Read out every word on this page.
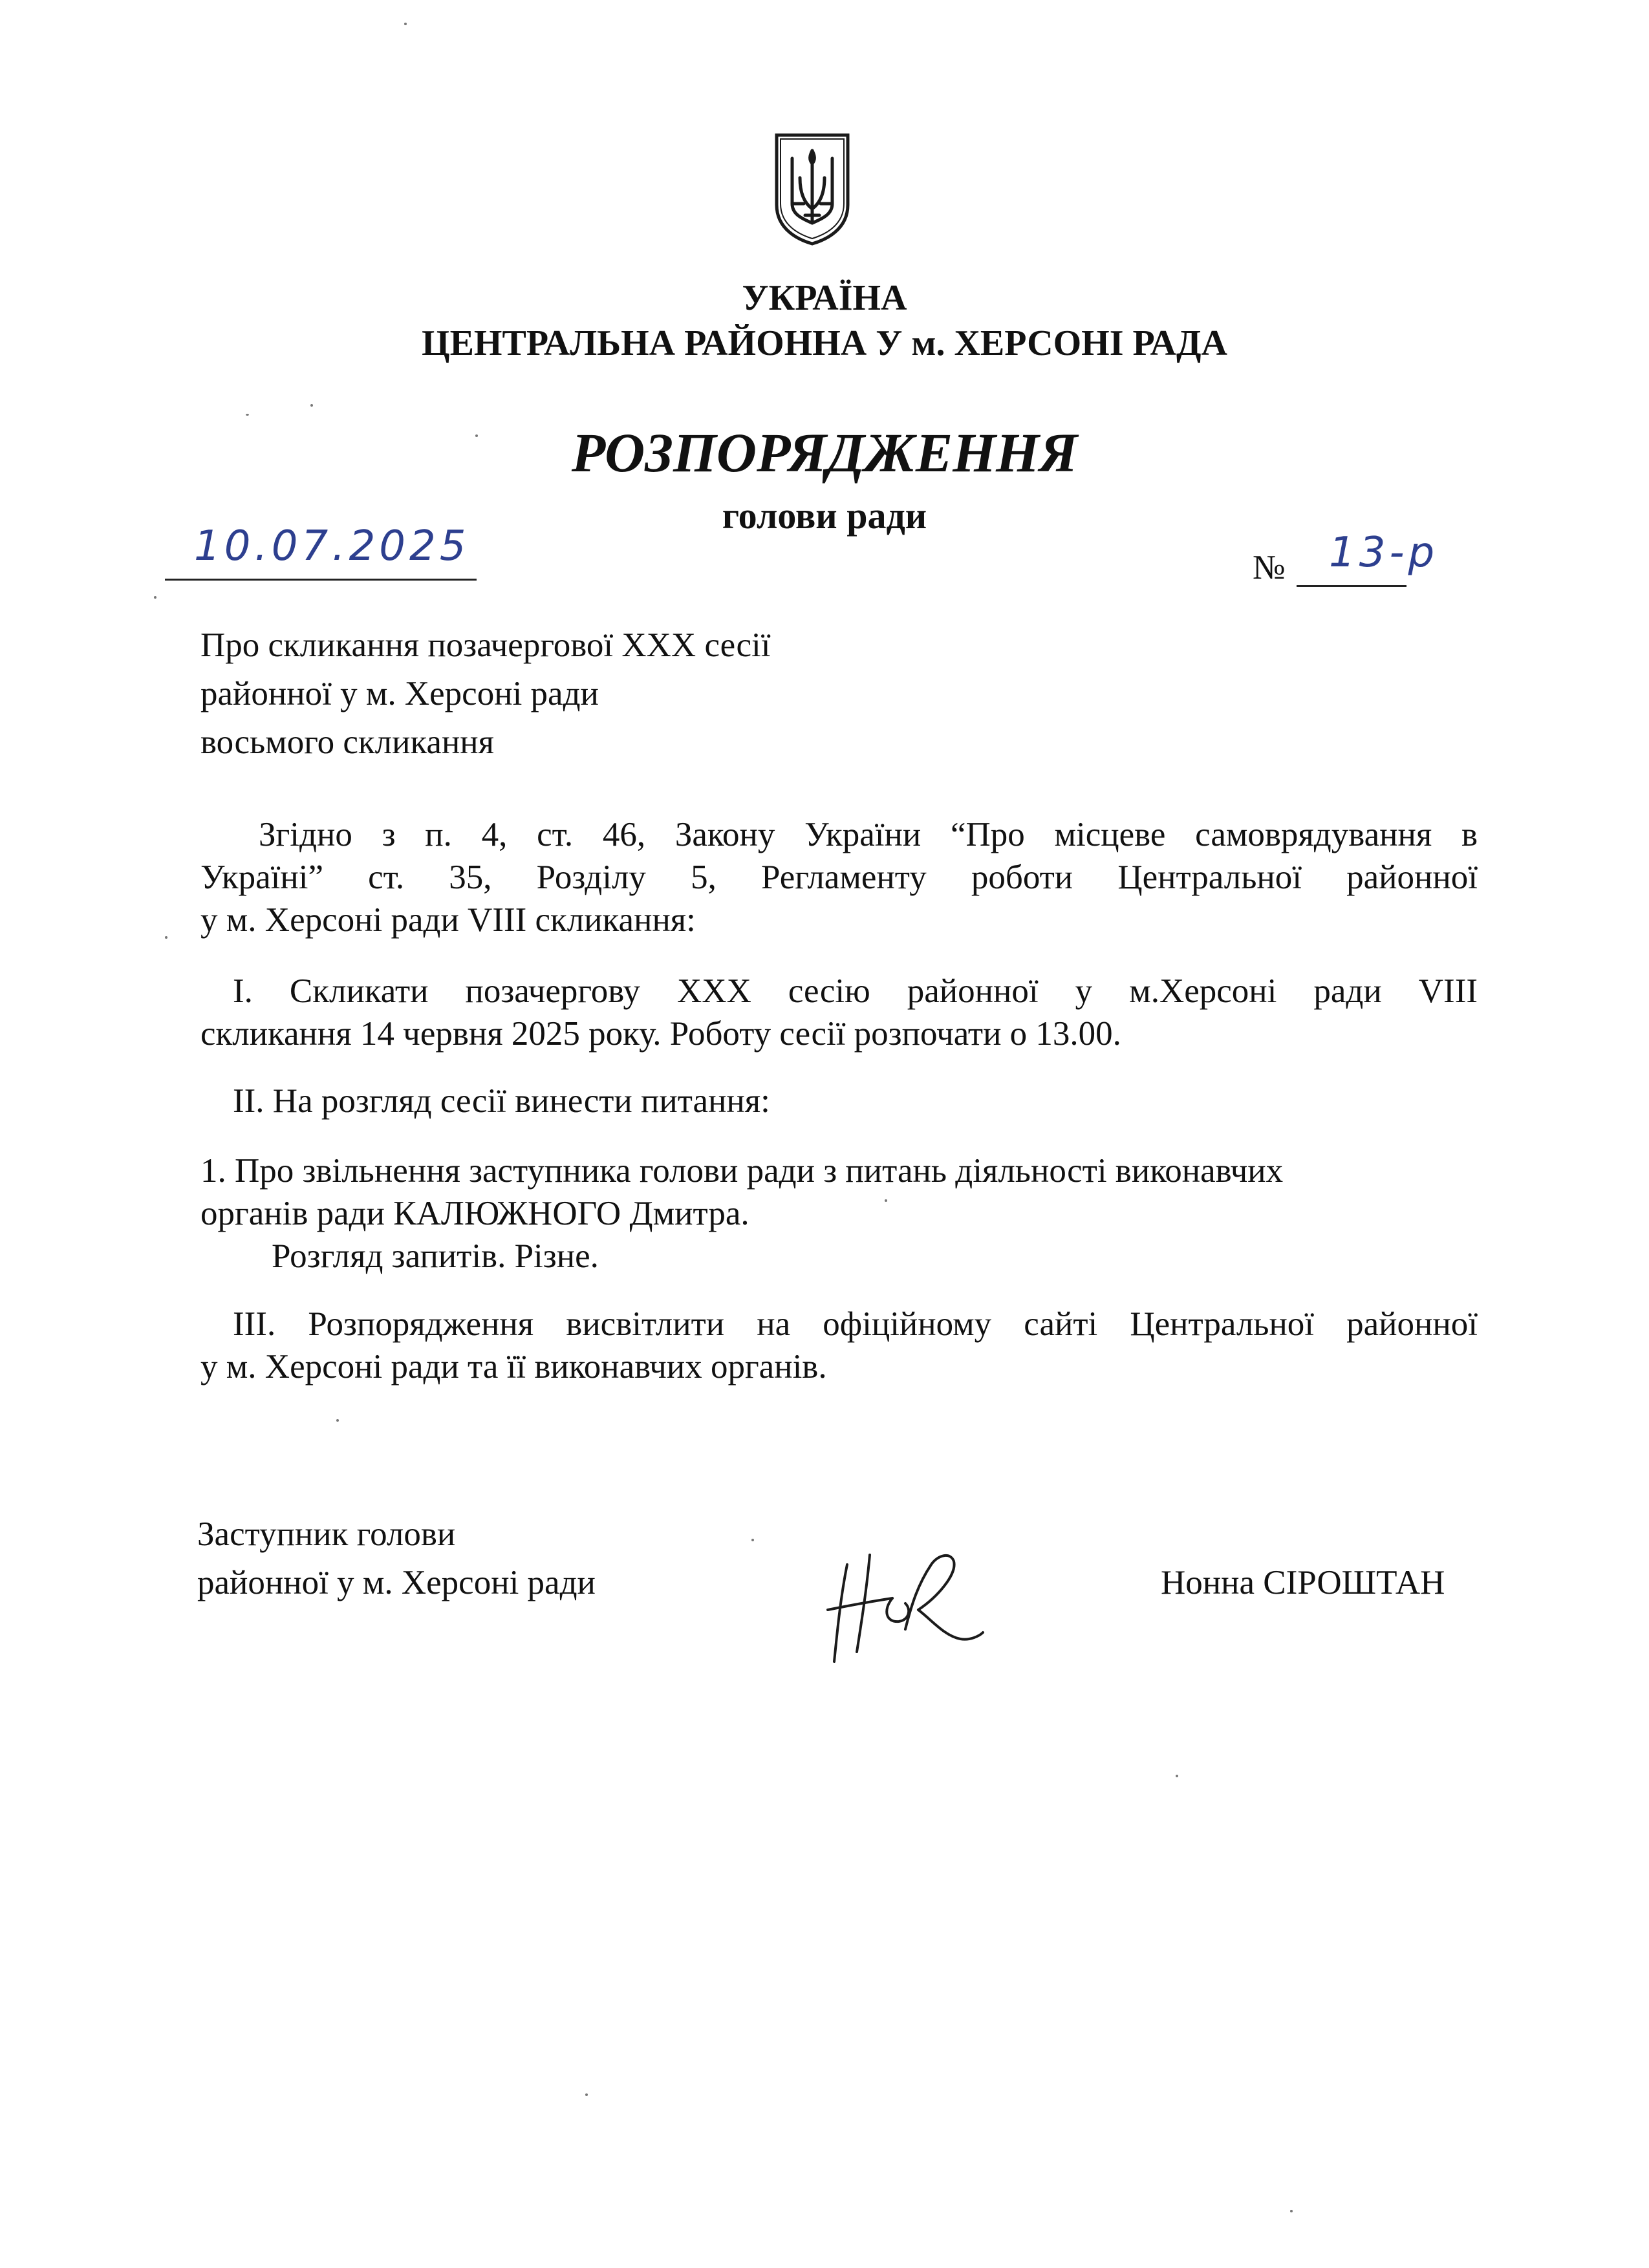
УКРАЇНА
ЦЕНТРАЛЬНА РАЙОННА У м. ХЕРСОНІ РАДА
РОЗПОРЯДЖЕННЯ
голови ради
10.07.2025	№ 13-р
Про скликання позачергової XXX сесії
районної у м. Херсоні ради
восьмого скликання
Згідно з п. 4, ст. 46, Закону України “Про місцеве самоврядування в
Україні” ст. 35, Розділу 5, Регламенту роботи Центральної районної
у м. Херсоні ради VIII скликання:
І. Скликати позачергову XXX сесію районної у м.Херсоні ради VIII
скликання 14 червня 2025 року. Роботу сесії розпочати о 13.00.
ІІ. На розгляд сесії винести питання:
1. Про звільнення заступника голови ради з питань діяльності виконавчих
органів ради КАЛЮЖНОГО Дмитра.
Розгляд запитів. Різне.
ІІІ. Розпорядження висвітлити на офіційному сайті Центральної районної
у м. Херсоні ради та її виконавчих органів.
Заступник голови
районної у м. Херсоні ради	Нонна СІРОШТАН
